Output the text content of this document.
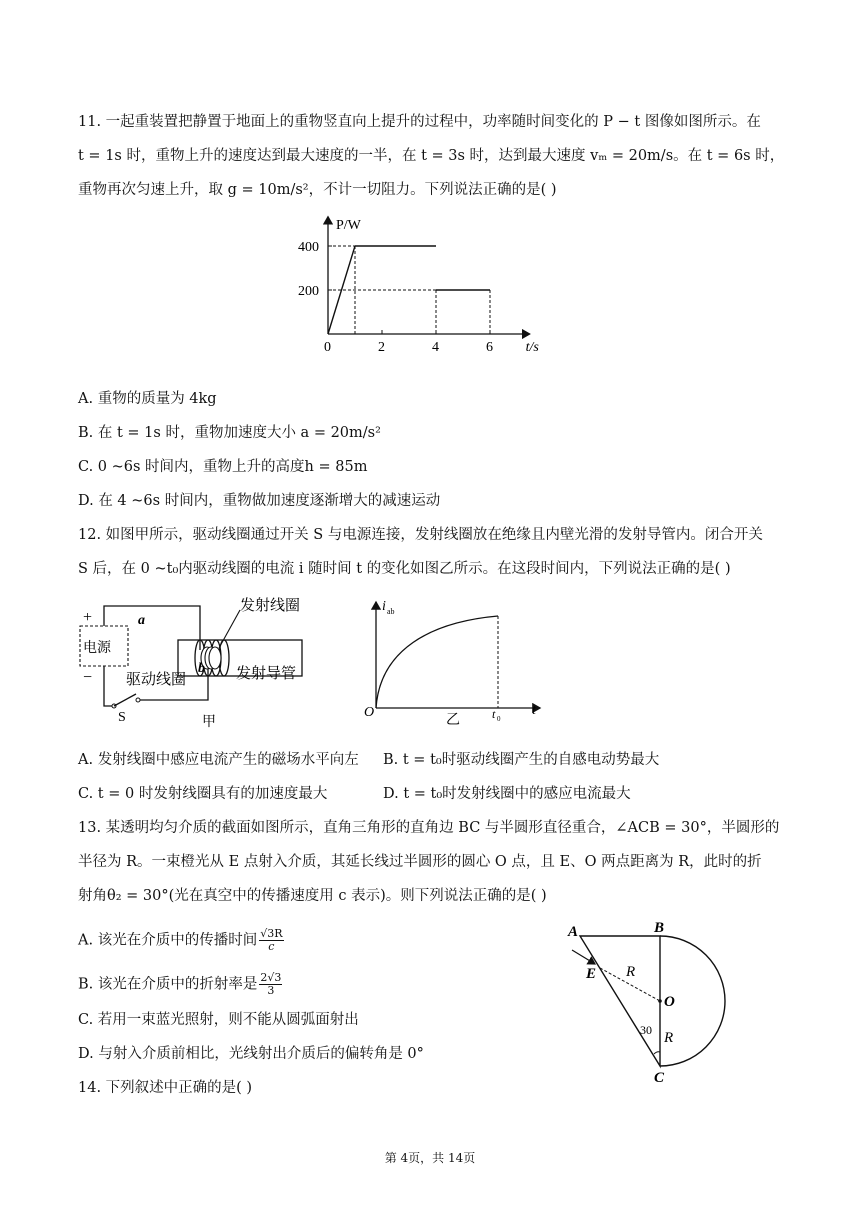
11. 一起重装置把静置于地面上的重物竖直向上提升的过程中，功率随时间变化的 P − t 图像如图所示。在
t = 1s 时，重物上升的速度达到最大速度的一半，在 t = 3s 时，达到最大速度 vₘ = 20m/s。在 t = 6s 时，
重物再次匀速上升，取 g = 10m/s²，不计一切阻力。下列说法正确的是( )
0	2	4	6
200
400
P/W
t/s
A. 重物的质量为 4kg
B. 在 t = 1s 时，重物加速度大小 a = 20m/s²
C. 0 ~6s 时间内，重物上升的高度h = 85m
D. 在 4 ~6s 时间内，重物做加速度逐渐增大的减速运动
12. 如图甲所示，驱动线圈通过开关 S 与电源连接，发射线圈放在绝缘且内壁光滑的发射导管内。闭合开关
S 后，在 0 ~t₀内驱动线圈的电流 i 随时间 t 的变化如图乙所示。在这段时间内，下列说法正确的是( )
+
−
电源
a
b
发射线圈
驱动线圈	发射导管
S	甲
i ab
O	t 0
t
乙
A. 发射线圈中感应电流产生的磁场水平向左 B. t = t₀时驱动线圈产生的自感电动势最大
C. t = 0 时发射线圈具有的加速度最大	D. t = t₀时发射线圈中的感应电流最大
13. 某透明均匀介质的截面如图所示，直角三角形的直角边 BC 与半圆形直径重合，∠ACB = 30°，半圆形的
半径为 R。一束橙光从 E 点射入介质，其延长线过半圆形的圆心 O 点，且 E、O 两点距离为 R，此时的折
射角θ₂ = 30°(光在真空中的传播速度用 c 表示)。则下列说法正确的是( )
A. 该光在介质中的传播时间 $\frac{√3R}{c}$
B. 该光在介质中的折射率是 $\frac{2√3}{3}$
C. 若用一束蓝光照射，则不能从圆弧面射出
D. 与射入介质前相比，光线射出介质后的偏转角是 0°
A	B
E R
O
30 R
C
14. 下列叙述中正确的是( )
第 4页，共 14页
